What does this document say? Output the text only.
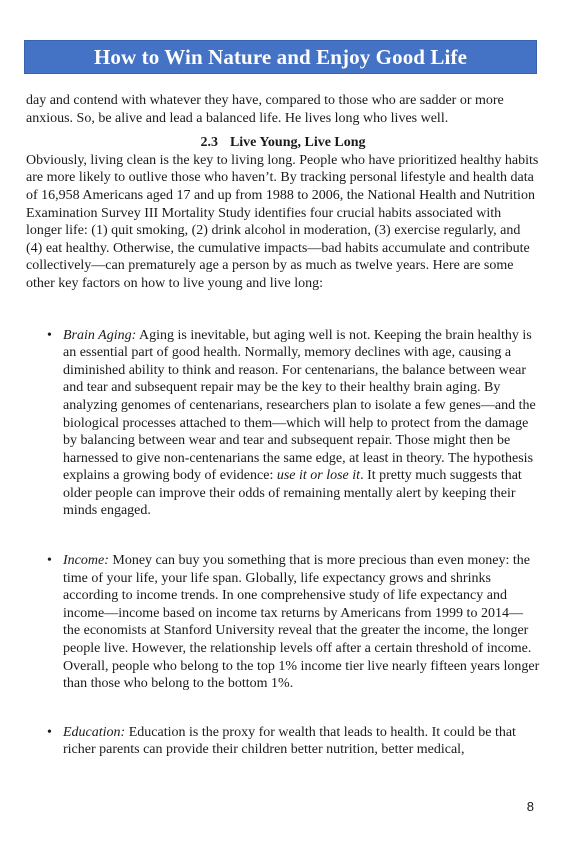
How to Win Nature and Enjoy Good Life

day and contend with whatever they have, compared to those who are sadder or more anxious. So, be alive and lead a balanced life. He lives long who lives well.

2.3 Live Young, Live Long

Obviously, living clean is the key to living long. People who have prioritized healthy habits are more likely to outlive those who haven’t. By tracking personal lifestyle and health data of 16,958 Americans aged 17 and up from 1988 to 2006, the National Health and Nutrition Examination Survey III Mortality Study identifies four crucial habits associated with longer life: (1) quit smoking, (2) drink alcohol in moderation, (3) exercise regularly, and (4) eat healthy. Otherwise, the cumulative impacts—bad habits accumulate and contribute collectively—can prematurely age a person by as much as twelve years. Here are some other key factors on how to live young and live long:

• Brain Aging: Aging is inevitable, but aging well is not. Keeping the brain healthy is an essential part of good health. Normally, memory declines with age, causing a diminished ability to think and reason. For centenarians, the balance between wear and tear and subsequent repair may be the key to their healthy brain aging. By analyzing genomes of centenarians, researchers plan to isolate a few genes—and the biological processes attached to them—which will help to protect from the damage by balancing between wear and tear and subsequent repair. Those might then be harnessed to give non-centenarians the same edge, at least in theory. The hypothesis explains a growing body of evidence: use it or lose it. It pretty much suggests that older people can improve their odds of remaining mentally alert by keeping their minds engaged.
• Income: Money can buy you something that is more precious than even money: the time of your life, your life span. Globally, life expectancy grows and shrinks according to income trends. In one comprehensive study of life expectancy and income—income based on income tax returns by Americans from 1999 to 2014—the economists at Stanford University reveal that the greater the income, the longer people live. However, the relationship levels off after a certain threshold of income. Overall, people who belong to the top 1% income tier live nearly fifteen years longer than those who belong to the bottom 1%.
• Education: Education is the proxy for wealth that leads to health. It could be that richer parents can provide their children better nutrition, better medical,
8
